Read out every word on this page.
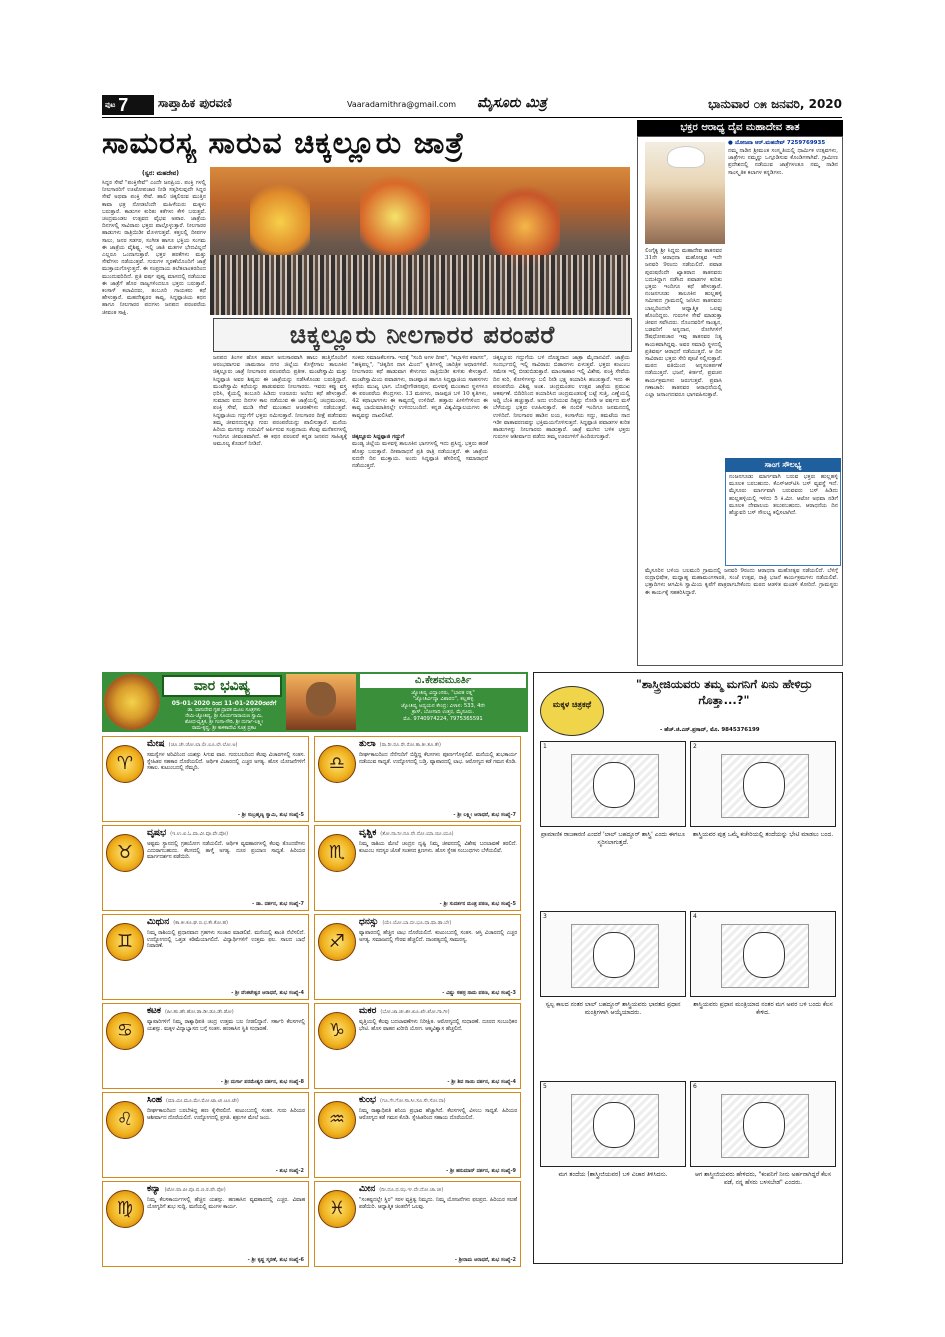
ಪುಟ 7 ಸಾಪ್ತಾಹಿಕ ಪುರವಣಿ	Vaaradamithra@gmail.com ಮೈಸೂರು ಮಿತ್ರ	ಭಾನುವಾರ ೦೫ ಜನವರಿ, 2020
ಸಾಮರಸ್ಯ ಸಾರುವ ಚಿಕ್ಕಲ್ಲೂರು ಜಾತ್ರೆ
(ಸ್ವರ: ಮಹದೇವ)
ಸಿದ್ದರ ಸೇವೆ "ಪಂಕ್ತಿಸೇವೆ" ಎಂದೇ ಜನಪ್ರಿಯ. ಪಂಕ್ತಿ ಗಳಲ್ಲಿ ನೀಲಗಾರರಿಗೆ ಊಟೋಪಚಾರ ನೀಡಿ ಸತ್ಕರಿಸುವುದೇ ಸಿದ್ದರ ಸೇವೆ ಅಥವಾ ಪಂಕ್ತಿ ಸೇವೆ. ಹಾಲಿ ಚಿಕ್ಕಲಿರುವ ಮುತ್ತಿನ ಕಾವಾ ಛತ್ರ ನೋಡಲೆಂದೇ ಮಹಿಳೆಯರು ಮಕ್ಕಳು ಬರುತ್ತಾರೆ. ಕಾಡುಗಳ ಕುರಿತು ಕತೆಗಳು ಕೇಳಿ ಬರುತ್ತವೆ. ಚಂದ್ರಮಂಡಲ ಉತ್ಸವದ ವೈಭವ ಅಪಾರ. ಜಾತ್ರೆಯ ದಿನಗಳಲ್ಲಿ ಸಾವಿರಾರು ಭಕ್ತರು ಪಾಲ್ಗೊಳ್ಳುತ್ತಾರೆ. ನೀಲಗಾರರ ಹಾಡುಗಳು ರಾತ್ರಿಯಿಡೀ ಮೊಳಗುತ್ತವೆ. ಕತ್ತಲಲ್ಲಿ ದೀಪಗಳ ಸಾಲು, ಜನರ ಸಡಗರ, ಸಂಗೀತ ಹಾಗೂ ಭಕ್ತಿಯ ಸಂಗಮ ಈ ಜಾತ್ರೆಯ ವೈಶಿಷ್ಟ್ಯ. ಇಲ್ಲಿ ಜಾತಿ ಮತಗಳ ಭೇದವಿಲ್ಲದೆ ಎಲ್ಲರೂ ಒಂದಾಗುತ್ತಾರೆ. ಭಕ್ತರ ಹರಕೆಗಳು ಮತ್ತು ಸೇವೆಗಳು ನಡೆಯುತ್ತವೆ. ಗುರುಗಳ ಸ್ಮರಣೆಯೊಂದಿಗೆ ಜಾತ್ರೆ ಮುಕ್ತಾಯಗೊಳ್ಳುತ್ತದೆ. ಈ ಸಂಪ್ರದಾಯ ತಲೆತಲಾಂತರದಿಂದ ಮುಂದುವರಿದಿದೆ. ಪ್ರತಿ ವರ್ಷ ಪುಷ್ಯ ಮಾಸದಲ್ಲಿ ನಡೆಯುವ ಈ ಜಾತ್ರೆಗೆ ಹೊರ ರಾಜ್ಯಗಳಿಂದಲೂ ಭಕ್ತರು ಬರುತ್ತಾರೆ. ಕಂಸಾಳೆ ಕಲಾವಿದರು, ತಂಬೂರಿ ಗಾಯಕರು ಕಥೆ ಹೇಳುತ್ತಾರೆ. ಮಹದೇಶ್ವರರ ಕಾವ್ಯ, ಸಿದ್ದಪ್ಪಾಜಿಯ ಕಥನ ಹಾಗೂ ನೀಲಗಾರರ ಪದಗಳು ಜನಪದ ಪರಂಪರೆಯ ಜೀವಂತ ಸಾಕ್ಷಿ.
ಚಿಕ್ಕಲ್ಲೂರು ನೀಲಗಾರರ ಪರಂಪರೆ
ಜನಪದ ತಿಂಗಳ ಹೊಸ ಹವಾಗ ಅನುಸಾರವಾಗಿ ಹಾಲು ಹುತ್ತಿನೊಂದಿಗೆ ಆರಂಭವಾಗುವ ಚಾಮರಾಜ ನಗರ ಜಿಲ್ಲೆಯ ಕೊಳ್ಳೇಗಾಲ ತಾಲೂಕಿನ ಚಿಕ್ಕಲ್ಲೂರು ಜಾತ್ರೆ ನೀಲಗಾರರ ಪರಂಪರೆಯ ಪ್ರತೀಕ. ಮಂಟೇಸ್ವಾಮಿ ಮತ್ತು ಸಿದ್ದಪ್ಪಾಜಿ ಅವರ ಶಿಷ್ಯರು ಈ ಜಾತ್ರೆಯನ್ನು ನಡೆಸಿಕೊಂಡು ಬರುತ್ತಿದ್ದಾರೆ. ಮಂಟೇಸ್ವಾಮಿ ಕಥೆಯನ್ನು ಹಾಡುವವರು ನೀಲಗಾರರು. ಇವರು ಕಪ್ಪು ವಸ್ತ್ರ ಧರಿಸಿ, ಕೈಯಲ್ಲಿ ತಂಬೂರಿ ಹಿಡಿದು ಊರೂರು ಅಲೆದು ಕಥೆ ಹೇಳುತ್ತಾರೆ. ಸುಮಾರು ಐದು ದಿನಗಳ ಕಾಲ ನಡೆಯುವ ಈ ಜಾತ್ರೆಯಲ್ಲಿ ಚಂದ್ರಮಂಡಲ, ಪಂಕ್ತಿ ಸೇವೆ, ಮುಡಿ ಸೇವೆ ಮುಂತಾದ ಆಚರಣೆಗಳು ನಡೆಯುತ್ತವೆ. ಸಿದ್ದಪ್ಪಾಜಿಯ ಗದ್ದುಗೆಗೆ ಭಕ್ತರು ನಮಿಸುತ್ತಾರೆ. ನೀಲಗಾರರ ದೀಕ್ಷೆ ಪಡೆದವರು ತಮ್ಮ ಜೀವನದುದ್ದಕ್ಕೂ ಗುರು ಪರಂಪರೆಯನ್ನು ಪಾಲಿಸುತ್ತಾರೆ. ಮನೆಯ ಹಿರಿಯ ಮಗನನ್ನು ಗುರುವಿಗೆ ಅರ್ಪಿಸುವ ಸಂಪ್ರದಾಯ ಕೆಲವು ಮನೆತನಗಳಲ್ಲಿ ಇಂದಿಗೂ ಜೀವಂತವಾಗಿದೆ. ಈ ಕಥನ ಪರಂಪರೆ ಕನ್ನಡ ಜನಪದ ಸಾಹಿತ್ಯಕ್ಕೆ ಅಮೂಲ್ಯ ಕೊಡುಗೆ ನೀಡಿದೆ.
ಸಂಕರು ಸಮಾಜಕೆಲಸಗಾ. ಇದಕ್ಕೆ "ಸಂದಿ ಅಗಳ ದೀಪ", "ಕಬ್ಬಾಳಿನ ಕರಾಗನ", "ಹಕ್ಕಿಪಲ್ಲ", "ಚಿಕ್ಕದಿನ ದಾಸ ಮಿಂದ" ಕೃತಿಗಳಲ್ಲಿ ಚಾರಿತ್ರಿಕ ಆಧಾರಗಳಿವೆ. ನೀಲಗಾರರು ಕಥೆ ಹಾಡುವಾಗ ಕೇಳುಗರು ರಾತ್ರಿಯಿಡೀ ಕುಳಿತು ಕೇಳುತ್ತಾರೆ. ಮಂಟೇಸ್ವಾಮಿಯ ಪವಾಡಗಳು, ರಾಚಪ್ಪಾಜಿ ಹಾಗೂ ಸಿದ್ದಪ್ಪಾಜಿಯ ಸಾಹಸಗಳು ಕಥೆಯ ಮುಖ್ಯ ಭಾಗ. ಬೊಪ್ಪೇಗೌಡನಪುರ, ಮಳವಳ್ಳಿ ಮುಂತಾದ ಸ್ಥಳಗಳೂ ಈ ಪರಂಪರೆಯ ಕೇಂದ್ರಗಳು. 13 ಮಠಗಳು, ರಾಜಪ್ಪಜಿ ಬಳಿ 10 ಕೃತಿಗಳು, 42 ಕಥಾಭಾಗಗಳು ಈ ಕಾವ್ಯದಲ್ಲಿ ಉಳಿದಿವೆ. ಹತ್ತಾರು ಪೀಳಿಗೆಗಳಿಂದ ಈ ಕಾವ್ಯ ಬಾಯಿಮಾತಿನಲ್ಲೇ ಉಳಿದುಬಂದಿದೆ. ಕನ್ನಡ ವಿಶ್ವವಿದ್ಯಾಲಯಗಳು ಈ ಕಾವ್ಯವನ್ನು ದಾಖಲಿಸಿವೆ.

ಚಿಕ್ಕಲ್ಲೂರು ಸಿದ್ದಪ್ಪಾಜಿ ಗದ್ದುಗೆ
ಮಂಡ್ಯ ಜಿಲ್ಲೆಯ ಮಳವಳ್ಳಿ ತಾಲೂಕಿನ ಭಾಗಗಳಲ್ಲಿ ಇದು ಪ್ರಸಿದ್ಧ. ಭಕ್ತರು ಹರಕೆ ಹೊತ್ತು ಬರುತ್ತಾರೆ. ದೀಪಾರಾಧನೆ ಪ್ರತಿ ರಾತ್ರಿ ನಡೆಯುತ್ತದೆ. ಈ ಜಾತ್ರೆಯ ಐದನೇ ದಿನ ಮುಕ್ತಾಯ. ಅಂದು ಸಿದ್ದಪ್ಪಾಜಿ ಹೆಸರಿನಲ್ಲಿ ಸಮಾರಾಧನೆ ನಡೆಯುತ್ತದೆ.
ಚಿಕ್ಕಲ್ಲೂರು ಗದ್ದುಗೆಯ ಬಳಿ ದೊಡ್ಡದಾದ ಜಾತ್ರಾ ಮೈದಾನವಿದೆ. ಜಾತ್ರೆಯ ಸಂದರ್ಭದಲ್ಲಿ ಇಲ್ಲಿ ಸಾವಿರಾರು ಬಿಡಾರಗಳು ಏಳುತ್ತವೆ. ಭಕ್ತರು ಕುಟುಂಬ ಸಮೇತ ಇಲ್ಲಿ ಬೀಡುಬಿಡುತ್ತಾರೆ. ಮಾಂಸಾಹಾರ ಇಲ್ಲಿ ವಿಶೇಷ. ಪಂಕ್ತಿ ಸೇವೆಯ ದಿನ ಕುರಿ, ಕೋಳಿಗಳನ್ನು ಬಲಿ ನೀಡಿ ಭಕ್ಷ್ಯ ತಯಾರಿಸಿ ಹಂಚುತ್ತಾರೆ. ಇದು ಈ ಪರಂಪರೆಯ ವಿಶಿಷ್ಟ ಅಂಶ. ಚಂದ್ರಮಂಡಲ ಉತ್ಸವ ಜಾತ್ರೆಯ ಪ್ರಮುಖ ಆಕರ್ಷಣೆ. ಬಿದಿರಿನಿಂದ ತಯಾರಿಸಿದ ಚಂದ್ರಮಂಡಲಕ್ಕೆ ಬಟ್ಟೆ ಸುತ್ತಿ, ಎಣ್ಣೆಯಲ್ಲಿ ಅದ್ದಿ ಬೆಂಕಿ ಹಚ್ಚುತ್ತಾರೆ. ಅದು ಉರಿಯುವ ದಿಕ್ಕನ್ನು ನೋಡಿ ಆ ವರ್ಷದ ಮಳೆ ಬೆಳೆಯನ್ನು ಭಕ್ತರು ಊಹಿಸುತ್ತಾರೆ. ಈ ನಂಬಿಕೆ ಇಂದಿಗೂ ಜನಮನದಲ್ಲಿ ಉಳಿದಿದೆ. ನೀಲಗಾರರ ಹಾಡಿನ ಲಯ, ಕಂಸಾಳೆಯ ಸದ್ದು, ತಮಟೆಯ ನಾದ ಇಡೀ ವಾತಾವರಣವನ್ನು ಭಕ್ತಿಮಯಗೊಳಿಸುತ್ತದೆ. ಸಿದ್ದಪ್ಪಾಜಿ ಪವಾಡಗಳ ಕುರಿತ ಹಾಡುಗಳನ್ನು ನೀಲಗಾರರು ಹಾಡುತ್ತಾರೆ. ಜಾತ್ರೆ ಮುಗಿದ ಬಳಿಕ ಭಕ್ತರು ಗುರುಗಳ ಆಶೀರ್ವಾದ ಪಡೆದು ತಮ್ಮ ಊರುಗಳಿಗೆ ಹಿಂದಿರುಗುತ್ತಾರೆ.
ಭಕ್ತರ ಆರಾಧ್ಯ ದೈವ ಮಹಾದೇವ ತಾತ
● ಯೋಜನಾ ಆರ್.ಮಹದೇವ್ 7259769935
ನಮ್ಮ ನಾಡಿನ ಶ್ರೀಮಂತ ಸಂಸ್ಕೃತಿಯಲ್ಲಿ ಧಾರ್ಮಿಕ ಉತ್ಸವಗಳು, ಜಾತ್ರೆಗಳು ನಮ್ಮನ್ನು ಒಗ್ಗೂಡಿಸುವ ಕೊಂಡಿಗಳಾಗಿವೆ. ಗ್ರಾಮೀಣ ಪ್ರದೇಶದಲ್ಲಿ ನಡೆಯುವ ಜಾತ್ರೆಗಳಂತೂ ನಮ್ಮ ನಾಡಿನ ಸಾಂಸ್ಕೃತಿಕ ಕಲಾಗಳ ಕನ್ನಡಿಗಳು.
ಲಿಂಗೈಕ್ಯ ಶ್ರೀ ಸಿದ್ದರು ಮಹಾದೇವ ತಾತನವರ 31ನೇ ಆರಾಧನಾ ಮಹೋತ್ಸವ ಇದೇ ಜನವರಿ 9ರಂದು ನಡೆಯಲಿದೆ. ಪವಾಡ ಪುರುಷರೆಂದೇ ಖ್ಯಾತರಾದ ತಾತನವರು ಬದುಕಿದ್ದಾಗ ನಡೆಸಿದ ಪವಾಡಗಳ ಕುರಿತು ಭಕ್ತರು ಇಂದಿಗೂ ಕಥೆ ಹೇಳುತ್ತಾರೆ. ನಂಜನಗೂಡು ತಾಲೂಕಿನ ಹುಲ್ಲಹಳ್ಳಿ ಸಮೀಪದ ಗ್ರಾಮದಲ್ಲಿ ಜನಿಸಿದ ತಾತನವರು ಬಾಲ್ಯದಿಂದಲೇ ಆಧ್ಯಾತ್ಮಿಕ ಒಲವು ಹೊಂದಿದ್ದರು. ಗುರುಗಳ ಸೇವೆ ಮಾಡುತ್ತಾ ಜೀವನ ಸವೆಸಿದರು. ನೊಂದವರಿಗೆ ಸಾಂತ್ವನ, ಬಡವರಿಗೆ ಅನ್ನದಾನ, ರೋಗಿಗಳಿಗೆ ಔಷಧೋಪಚಾರ ಇವು ತಾತನವರ ನಿತ್ಯ ಕಾಯಕವಾಗಿದ್ದವು. ಅವರ ಸಮಾಧಿ ಸ್ಥಳದಲ್ಲಿ ಪ್ರತಿವರ್ಷ ಆರಾಧನೆ ನಡೆಯುತ್ತದೆ. ಆ ದಿನ ಸಾವಿರಾರು ಭಕ್ತರು ಸೇರಿ ಪೂಜೆ ಸಲ್ಲಿಸುತ್ತಾರೆ. ಮಠದ ವತಿಯಿಂದ ಅನ್ನಸಂತರ್ಪಣೆ ನಡೆಯುತ್ತದೆ. ಭಜನೆ, ಕೀರ್ತನೆ, ಪ್ರವಚನ ಕಾರ್ಯಕ್ರಮಗಳು ಜರುಗುತ್ತವೆ. ಪ್ರವಾಸಿ ಗಣಾಚಾರಿ: ತಾತನವರ ಆರಾಧನೆಯಲ್ಲಿ ಎಲ್ಲಾ ಜನಾಂಗದವರೂ ಭಾಗವಹಿಸುತ್ತಾರೆ.
ಸಾಂಗ ಸೌಲಭ್ಯ
ನಂಜನಗೂಡು ಮಾರ್ಗವಾಗಿ ಬರುವ ಭಕ್ತರು ಹುಲ್ಲಹಳ್ಳಿ ಮೂಲಕ ಬರಬಹುದು. ಕೆಎಸ್‌ಆರ್‌ಟಿಸಿ ಬಸ್ ವ್ಯವಸ್ಥೆ ಇದೆ. ಮೈಸೂರು ಮಾರ್ಗವಾಗಿ ಬರುವವರು ಬಸ್ ಹಿಡಿದು ಹುಲ್ಲಹಳ್ಳಿಯಲ್ಲಿ ಇಳಿದು 5 ಕಿ.ಮೀ. ಆಟೋ ಅಥವಾ ನಡಿಗೆ ಮೂಲಕ ದೇವಾಲಯ ತಲುಪಬಹುದು. ಆರಾಧನೆಯ ದಿನ ಹೆಚ್ಚುವರಿ ಬಸ್ ಸೌಲಭ್ಯ ಕಲ್ಪಿಸಲಾಗಿದೆ.
ಮೈಸೂರಿನ ಬಳಿಯ ಬಲಮುರಿ ಗ್ರಾಮದಲ್ಲಿ ಜನವರಿ 9ರಂದು ಆರಾಧನಾ ಮಹೋತ್ಸವ ನಡೆಯಲಿದೆ. ಬೆಳಿಗ್ಗೆ ರುದ್ರಾಭಿಷೇಕ, ಮಧ್ಯಾಹ್ನ ಮಹಾಮಂಗಳಾರತಿ, ಸಂಜೆ ಉತ್ಸವ, ರಾತ್ರಿ ಭಜನೆ ಕಾರ್ಯಕ್ರಮಗಳು ನಡೆಯಲಿವೆ. ಭಕ್ತಾದಿಗಳು ಆಗಮಿಸಿ ಸ್ವಾಮಿಯ ಕೃಪೆಗೆ ಪಾತ್ರರಾಗಬೇಕೆಂದು ಮಠದ ಆಡಳಿತ ಮಂಡಳಿ ಕೋರಿದೆ. ಗ್ರಾಮಸ್ಥರು ಈ ಕಾರ್ಯಕ್ಕೆ ಸಹಕರಿಸಿದ್ದಾರೆ.
ವಾರ ಭವಿಷ್ಯ
05-01-2020 ರಿಂದ 11-01-2020ರವರೆಗೆ
ಡಾ. ವಾಸುದೇವ ಗೃಹ ದ್ರಾವಕ ಮೂಲ ಸೂತ್ರಗಳು
ನೇಮಿ-ಜ್ಯೋತಿಷ್ಯ, ಶ್ರೀ ಸೂರ್ಯನಾರಾಯಣ ಸ್ವಾಮಿ,
ಶೋಧ-ವೃತ್ತಿಕ, ಶ್ರೀ ಗಂಗಾ-ಗೌರಿ, ಶ್ರೀ ದುರ್ಗಾ-ಲಕ್ಷ್ಮೀ
ರಾಮ-ಕೃಷ್ಣ, ಶ್ರೀ ಕಾಳಿಕಾದೇವಿ ಸೂತ್ರ ಪ್ರಕಟ
ವಿ.ಕೇಶವಮೂರ್ತಿ
ಜ್ಯೋತಿಷ್ಯ ವಿದ್ವಾಂಸರು, "ಭಾರತ ರತ್ನ"
"ಜ್ಯೋತಿರ್ವಿದ್ಯಾ ವಿಶಾರದ", ಕಲ್ಲಹಳ್ಳಿ
ಜ್ಯೋತಿಷ್ಯ ಅಧ್ಯಯನ ಕೇಂದ್ರ: ವಿಳಾಸ: 533, 4ನೇ
ಕ್ರಾಸ್, ಬೋಗಾದಿ ಉತ್ತರ, ಮೈಸೂರು.
ಮೊ. 9740974224, 7975365591
♈
ಮೇಷ (ಚೂ.ಚೇ.ಚೋ.ಲಾ.ಲೀ.ಲೂ.ಲೇ.ಲೋ.ಅ)
ಸಮಸ್ಯೆಗಳ ಅರಿವಿನಿಂದ ಯಶಸ್ಸು ಸಿಗುವ ವಾರ. ಗುರುಬಲದಿಂದ ಕೆಲವು ವಿಚಾರಗಳಲ್ಲಿ ಸಂತಸ. ಸ್ನೇಹಿತರ ಸಹಕಾರ ದೊರೆಯಲಿದೆ. ಆರ್ಥಿಕ ವಿಚಾರದಲ್ಲಿ ಎಚ್ಚರ ಅಗತ್ಯ. ಹೊಸ ಯೋಜನೆಗಳಿಗೆ ಸಕಾಲ. ಕುಟುಂಬದಲ್ಲಿ ನೆಮ್ಮದಿ.
- ಶ್ರೀ ಸುಬ್ರಹ್ಮಣ್ಯ ಸ್ವಾಮಿ, ಶುಭ ಸಂಖ್ಯೆ-5
♎
ತುಲಾ (ರಾ.ರೀ.ರೂ.ರೇ.ರೋ.ತಾ.ತೀ.ತೂ.ತೇ)
ದೀರ್ಘಕಾಲದಿಂದ ನೆನೆಗುದಿಗೆ ಬಿದ್ದಿದ್ದ ಕೆಲಸಗಳು ಪೂರ್ಣಗೊಳ್ಳಲಿವೆ. ಮನೆಯಲ್ಲಿ ಶುಭಕಾರ್ಯ ನಡೆಯುವ ಸಾಧ್ಯತೆ. ಉದ್ಯೋಗದಲ್ಲಿ ಬಡ್ತಿ. ವ್ಯಾಪಾರದಲ್ಲಿ ಲಾಭ. ಆರೋಗ್ಯದ ಕಡೆ ಗಮನ ಕೊಡಿ.
- ಶ್ರೀ ಲಕ್ಷ್ಮೀ ಆರಾಧನೆ, ಶುಭ ಸಂಖ್ಯೆ-7
♉
ವೃಷಭ (ಇ.ಉ.ಏ.ಓ.ವಾ.ವೀ.ವೂ.ವೇ.ವೋ)
ಅಷ್ಟಮ ಸ್ಥಾನದಲ್ಲಿ ಗ್ರಹಯೋಗ ನಡೆಯಲಿದೆ. ಆರ್ಥಿಕ ವ್ಯವಹಾರಗಳಲ್ಲಿ ಕೆಲವು ತೊಂದರೆಗಳು ಎದುರಾಗಬಹುದು. ಕೆಲಸದಲ್ಲಿ ತಾಳ್ಮೆ ಅಗತ್ಯ. ದೂರ ಪ್ರಯಾಣ ಸಾಧ್ಯತೆ. ಹಿರಿಯರ ಮಾರ್ಗದರ್ಶನ ಪಡೆಯಿರಿ.
- ಡಾ. ದರ್ಶನ, ಶುಭ ಸಂಖ್ಯೆ-7
♏
ವೃಶ್ಚಿಕ (ತೋ.ನಾ.ನೀ.ನೂ.ನೇ.ನೋ.ಯಾ.ಯೀ.ಯೂ)
ನಿಮ್ಮ ರಾಶಿಯ ಮೇಲೆ ಚಂದ್ರನ ದೃಷ್ಟಿ ನಿಮ್ಮ ಜೀವನದಲ್ಲಿ ವಿಶೇಷ ಬದಲಾವಣೆ ತರಲಿದೆ. ಕುಟುಂಬ ಸದಸ್ಯರ ಜೊತೆ ಸಂತಸದ ಕ್ಷಣಗಳು. ಹೊಸ ಸ್ನೇಹ ಸಂಬಂಧಗಳು ಬೆಳೆಯಲಿವೆ.
- ಶ್ರೀ ಸುದರ್ಶನ ಮಂತ್ರ ಪಠಣ, ಶುಭ ಸಂಖ್ಯೆ-5
♊
ಮಿಥುನ (ಕಾ.ಕೀ.ಕೂ.ಘ.ಙ.ಛ.ಕೇ.ಕೋ.ಹ)
ನಿಮ್ಮ ರಾಶಿಯಲ್ಲಿ ಪ್ರಧಾನವಾದ ಗ್ರಹಗಳು ಸಂಚಾರ ಮಾಡಲಿವೆ. ಮನೆಯಲ್ಲಿ ಶಾಂತಿ ನೆಲೆಸಲಿದೆ. ಉದ್ಯೋಗದಲ್ಲಿ ಒತ್ತಡ ಕಡಿಮೆಯಾಗಲಿದೆ. ವಿದ್ಯಾರ್ಥಿಗಳಿಗೆ ಉತ್ತಮ ಫಲ. ಸಾಲದ ಬಾಧೆ ನಿವಾರಣೆ.
- ಶ್ರೀ ವೆಂಕಟೇಶ್ವರ ಆರಾಧನೆ, ಶುಭ ಸಂಖ್ಯೆ-4
♐
ಧನಸ್ಸು (ಯೇ.ಯೋ.ಬಾ.ಬೀ.ಭೂ.ಧಾ.ಫಾ.ಢಾ.ಬೇ)
ವ್ಯಾಪಾರದಲ್ಲಿ ಹೆಚ್ಚಿನ ಲಾಭ ದೊರೆಯಲಿದೆ. ಕುಟುಂಬದಲ್ಲಿ ಸಂತಸ. ಆಸ್ತಿ ವಿಚಾರದಲ್ಲಿ ಎಚ್ಚರ ಅಗತ್ಯ. ಸಮಾಜದಲ್ಲಿ ಗೌರವ ಹೆಚ್ಚಲಿದೆ. ದಾಂಪತ್ಯದಲ್ಲಿ ಸಾಮರಸ್ಯ.
- ವಿಷ್ಣು ಸಹಸ್ರ ನಾಮ ಪಠಣ, ಶುಭ ಸಂಖ್ಯೆ-3
♋
ಕಟಕ (ಹೀ.ಹು.ಹೇ.ಹೋ.ಡಾ.ಡೀ.ಡೂ.ಡೇ.ಡೋ)
ವ್ಯಾಪಾರಿಗಳಿಗೆ ನಿಮ್ಮ ರಾಶ್ಯಾಧಿಪತಿ ಚಂದ್ರ ಉತ್ತಮ ಬಲ ನೀಡಲಿದ್ದಾನೆ. ಸರ್ಕಾರಿ ಕೆಲಸಗಳಲ್ಲಿ ಯಶಸ್ಸು. ಮಕ್ಕಳ ವಿದ್ಯಾಭ್ಯಾಸದ ಬಗ್ಗೆ ಸಂತಸ. ಹಣಕಾಸಿನ ಸ್ಥಿತಿ ಸುಧಾರಣೆ.
- ಶ್ರೀ ದುರ್ಗಾ ಪರಮೇಶ್ವರಿ ದರ್ಶನ, ಶುಭ ಸಂಖ್ಯೆ-8
♑
ಮಕರ (ಭೋ.ಜಾ.ಜೀ.ಖೀ.ಖೂ.ಖೇ.ಖೋ.ಗಾ.ಗೀ)
ವೃತ್ತಿಯಲ್ಲಿ ಕೆಲವು ಬದಲಾವಣೆಗಳು ನಿರೀಕ್ಷಿತ. ಆರೋಗ್ಯದಲ್ಲಿ ಸುಧಾರಣೆ. ದೂರದ ಸಂಬಂಧಿಕರ ಭೇಟಿ. ಹೊಸ ವಾಹನ ಖರೀದಿ ಯೋಗ. ಆತ್ಮವಿಶ್ವಾಸ ಹೆಚ್ಚಲಿದೆ.
- ಶ್ರೀ ಶಿವ ಸಾಯಿ ದರ್ಶನ, ಶುಭ ಸಂಖ್ಯೆ-4
♌
ಸಿಂಹ (ಮಾ.ಮೀ.ಮೂ.ಮೇ.ಮೋ.ಟಾ.ಟೀ.ಟೂ.ಟೇ)
ದೀರ್ಘಕಾಲದಿಂದ ಬರಬೇಕಿದ್ದ ಹಣ ಕೈಸೇರಲಿದೆ. ಕುಟುಂಬದಲ್ಲಿ ಸಂತಸ. ಗುರು ಹಿರಿಯರ ಆಶೀರ್ವಾದ ದೊರೆಯಲಿದೆ. ಉದ್ಯೋಗದಲ್ಲಿ ಪ್ರಗತಿ. ಶತ್ರುಗಳ ಮೇಲೆ ಜಯ.
- ಶುಭ ಸಂಖ್ಯೆ-2
♒
ಕುಂಭ (ಗೂ.ಗೇ.ಗೋ.ಸಾ.ಸೀ.ಸೂ.ಸೇ.ಸೋ.ದಾ)
ನಿಮ್ಮ ರಾಶ್ಯಾಧಿಪತಿ ಶನಿಯ ಪ್ರಭಾವ ಹೆಚ್ಚಾಗಿದೆ. ಕೆಲಸಗಳಲ್ಲಿ ವಿಳಂಬ ಸಾಧ್ಯತೆ. ಹಿರಿಯರ ಆರೋಗ್ಯದ ಕಡೆ ಗಮನ ಕೊಡಿ. ಸ್ನೇಹಿತರಿಂದ ಸಹಾಯ ದೊರೆಯಲಿದೆ.
- ಶ್ರೀ ಹನುಮಾನ್ ದರ್ಶನ, ಶುಭ ಸಂಖ್ಯೆ-9
♍
ಕನ್ಯಾ (ಟೋ.ಪಾ.ಪೀ.ಪೂ.ಷ.ಣ.ಠ.ಪೇ.ಪೋ)
ನಿಮ್ಮ ಕೆಲಸಕಾರ್ಯಗಳಲ್ಲಿ ಹೆಚ್ಚಿನ ಯಶಸ್ಸು. ಹಣಕಾಸಿನ ವ್ಯವಹಾರದಲ್ಲಿ ಎಚ್ಚರ. ವಿವಾಹ ಯೋಗ್ಯರಿಗೆ ಶುಭ ಸುದ್ದಿ. ಮನೆಯಲ್ಲಿ ಮಂಗಳ ಕಾರ್ಯ.
- ಶ್ರೀ ಕೃಷ್ಣ ಸ್ಮರಣೆ, ಶುಭ ಸಂಖ್ಯೆ-6
♓
ಮೀನ (ದೀ.ದೂ.ಥ.ಝ.ಞ.ದೇ.ದೋ.ಚಾ.ಚೀ)
"ಸಂಕಷ್ಟದಲ್ಲೇ ಸ್ಥಿರ" ಸರಳ ವ್ಯಕ್ತಿತ್ವ ನಿಮ್ಮದು. ನಿಮ್ಮ ಯೋಜನೆಗಳು ಫಲಪ್ರದ. ಹಿರಿಯರ ಸಲಹೆ ಪಡೆಯಿರಿ. ಆಧ್ಯಾತ್ಮಿಕ ಚಿಂತನೆಗೆ ಒಲವು.
- ಶ್ರೀರಾಮ ಆರಾಧನೆ, ಶುಭ ಸಂಖ್ಯೆ-2
ಮಕ್ಕಳ ಚಿತ್ರಕಥೆ
"ಶಾಸ್ತ್ರೀಜಿಯವರು ತಮ್ಮ ಮಗನಿಗೆ ಏನು ಹೇಳಿದ್ರು ಗೊತ್ತಾ...?"
- ಹೆಚ್.ಜಿ.ಎನ್.ಪ್ರಸಾದ್, ಮೊ. 9845376199
1
ಪ್ರಾಮಾಣಿಕ ರಾಜಕಾರಣಿ ಎಂದರೆ 'ಲಾಲ್ ಬಹದ್ದೂರ್ ಶಾಸ್ತ್ರಿ' ಎಂದು ಈಗಲೂ ಸ್ಮರಿಸಲಾಗುತ್ತದೆ.
2
ಶಾಸ್ತ್ರಿಯವರ ಪುತ್ರ ಒಮ್ಮೆ ಕಚೇರಿಯಲ್ಲಿ ತಂದೆಯನ್ನು ಭೇಟಿ ಮಾಡಲು ಬಂದ.
3
ಸ್ವಲ್ಪ ಕಾಲದ ನಂತರ ಲಾಲ್ ಬಹದ್ದೂರ್ ಶಾಸ್ತ್ರಿಯವರು ಭಾರತದ ಪ್ರಧಾನ ಮಂತ್ರಿಗಳಾಗಿ ಆಯ್ಕೆಯಾದರು.
4
ಶಾಸ್ತ್ರಿಯವರು ಪ್ರಧಾನ ಮಂತ್ರಿಯಾದ ನಂತರ ಮಗ ಅವರ ಬಳಿ ಬಂದು ಕೆಲಸ ಕೇಳಿದ.
5
ಮಗ ತಂದೆಯ (ಶಾಸ್ತ್ರೀಜಿಯವರ) ಬಳಿ ವಿಚಾರ ತಿಳಿಸಿದನು.
6
ಆಗ ಶಾಸ್ತ್ರೀಜಿಯವರು ಹೇಳಿದರು, "ಕಂಪನಿಗೆ ನೀನು ಅರ್ಹನಾಗಿದ್ದರೆ ಕೆಲಸ ಪಡೆ, ನನ್ನ ಹೆಸರು ಬಳಸಬೇಡ" ಎಂದರು.
